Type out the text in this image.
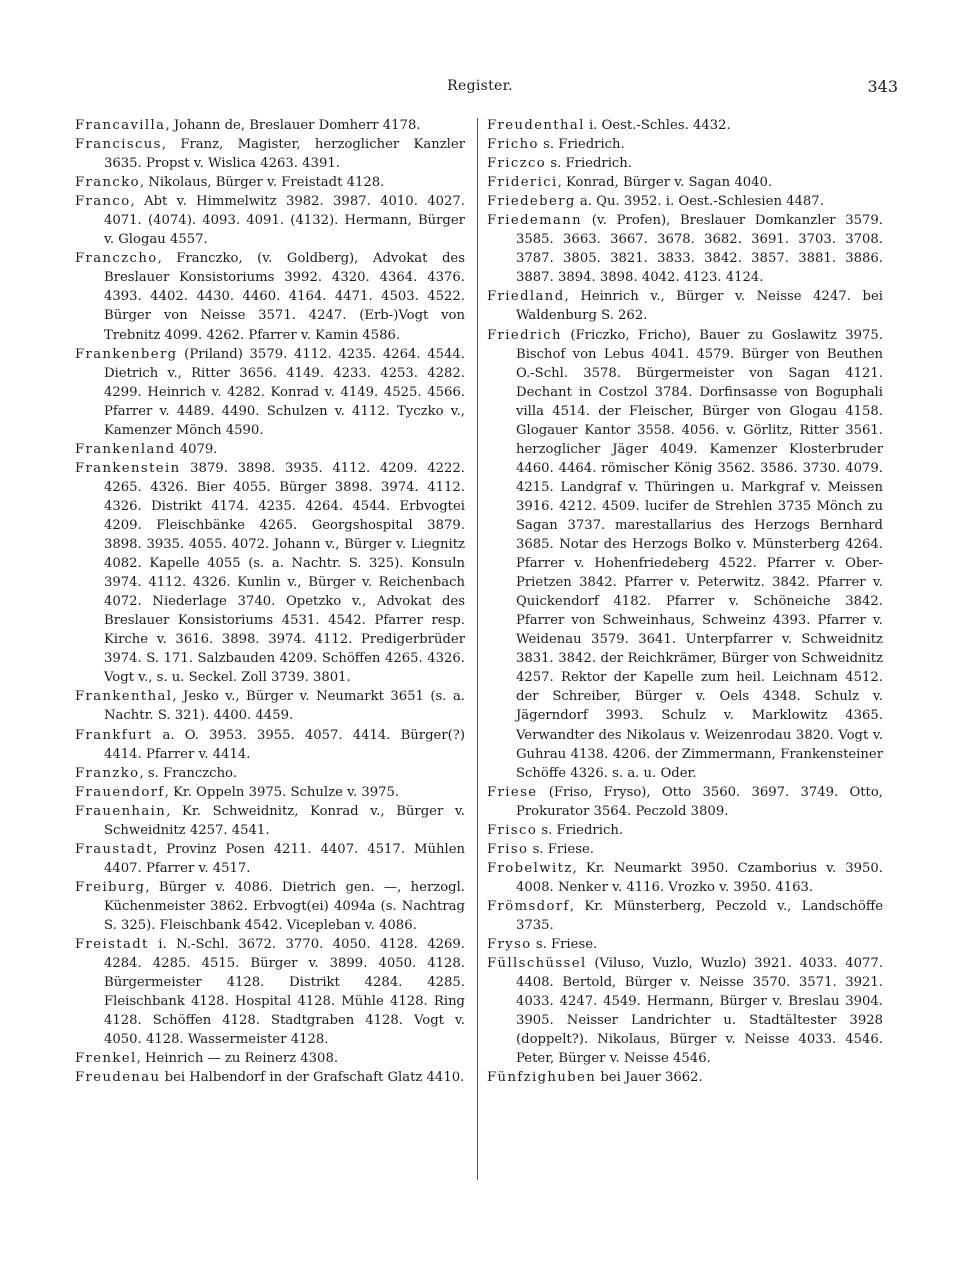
Register.	343

Francavilla, Johann de, Breslauer Domherr 4178.

Franciscus, Franz, Magister, herzoglicher Kanzler 3635. Propst v. Wislica 4263. 4391.

Francko, Nikolaus, Bürger v. Freistadt 4128.

Franco, Abt v. Himmelwitz 3982. 3987. 4010. 4027. 4071. (4074). 4093. 4091. (4132). Hermann, Bürger v. Glogau 4557.

Franczcho, Franczko, (v. Goldberg), Advokat des Breslauer Konsistoriums 3992. 4320. 4364. 4376. 4393. 4402. 4430. 4460. 4164. 4471. 4503. 4522. Bürger von Neisse 3571. 4247. (Erb-)Vogt von Trebnitz 4099. 4262. Pfarrer v. Kamin 4586.

Frankenberg (Priland) 3579. 4112. 4235. 4264. 4544. Dietrich v., Ritter 3656. 4149. 4233. 4253. 4282. 4299. Heinrich v. 4282. Konrad v. 4149. 4525. 4566. Pfarrer v. 4489. 4490. Schulzen v. 4112. Tyczko v., Kamenzer Mönch 4590.

Frankenland 4079.

Frankenstein 3879. 3898. 3935. 4112. 4209. 4222. 4265. 4326. Bier 4055. Bürger 3898. 3974. 4112. 4326. Distrikt 4174. 4235. 4264. 4544. Erbvogtei 4209. Fleischbänke 4265. Georgshospital 3879. 3898. 3935. 4055. 4072. Johann v., Bürger v. Liegnitz 4082. Kapelle 4055 (s. a. Nachtr. S. 325). Konsuln 3974. 4112. 4326. Kunlin v., Bürger v. Reichenbach 4072. Niederlage 3740. Opetzko v., Advokat des Breslauer Konsistoriums 4531. 4542. Pfarrer resp. Kirche v. 3616. 3898. 3974. 4112. Predigerbrüder 3974. S. 171. Salzbauden 4209. Schöffen 4265. 4326. Vogt v., s. u. Seckel. Zoll 3739. 3801.

Frankenthal, Jesko v., Bürger v. Neumarkt 3651 (s. a. Nachtr. S. 321). 4400. 4459.

Frankfurt a. O. 3953. 3955. 4057. 4414. Bürger(?) 4414. Pfarrer v. 4414.

Franzko, s. Franczcho.

Frauendorf, Kr. Oppeln 3975. Schulze v. 3975.

Frauenhain, Kr. Schweidnitz, Konrad v., Bürger v. Schweidnitz 4257. 4541.

Fraustadt, Provinz Posen 4211. 4407. 4517. Mühlen 4407. Pfarrer v. 4517.

Freiburg, Bürger v. 4086. Dietrich gen. —, herzogl. Küchenmeister 3862. Erbvogt(ei) 4094a (s. Nachtrag S. 325). Fleischbank 4542. Vicepleban v. 4086.

Freistadt i. N.-Schl. 3672. 3770. 4050. 4128. 4269. 4284. 4285. 4515. Bürger v. 3899. 4050. 4128. Bürgermeister 4128. Distrikt 4284. 4285. Fleischbank 4128. Hospital 4128. Mühle 4128. Ring 4128. Schöffen 4128. Stadtgraben 4128. Vogt v. 4050. 4128. Wassermeister 4128.

Frenkel, Heinrich — zu Reinerz 4308.

Freudenau bei Halbendorf in der Grafschaft Glatz 4410.

Freudenthal i. Oest.-Schles. 4432.

Fricho s. Friedrich.

Friczco s. Friedrich.

Friderici, Konrad, Bürger v. Sagan 4040.

Friedeberg a. Qu. 3952. i. Oest.-Schlesien 4487.

Friedemann (v. Profen), Breslauer Domkanzler 3579. 3585. 3663. 3667. 3678. 3682. 3691. 3703. 3708. 3787. 3805. 3821. 3833. 3842. 3857. 3881. 3886. 3887. 3894. 3898. 4042. 4123. 4124.

Friedland, Heinrich v., Bürger v. Neisse 4247. bei Waldenburg S. 262.

Friedrich (Friczko, Fricho), Bauer zu Goslawitz 3975. Bischof von Lebus 4041. 4579. Bürger von Beuthen O.-Schl. 3578. Bürgermeister von Sagan 4121. Dechant in Costzol 3784. Dorfinsasse von Boguphali villa 4514. der Fleischer, Bürger von Glogau 4158. Glogauer Kantor 3558. 4056. v. Görlitz, Ritter 3561. herzoglicher Jäger 4049. Kamenzer Klosterbruder 4460. 4464. römischer König 3562. 3586. 3730. 4079. 4215. Landgraf v. Thüringen u. Markgraf v. Meissen 3916. 4212. 4509. lucifer de Strehlen 3735 Mönch zu Sagan 3737. marestallarius des Herzogs Bernhard 3685. Notar des Herzogs Bolko v. Münsterberg 4264. Pfarrer v. Hohenfriedeberg 4522. Pfarrer v. Ober-Prietzen 3842. Pfarrer v. Peterwitz. 3842. Pfarrer v. Quickendorf 4182. Pfarrer v. Schöneiche 3842. Pfarrer von Schweinhaus, Schweinz 4393. Pfarrer v. Weidenau 3579. 3641. Unterpfarrer v. Schweidnitz 3831. 3842. der Reichkrämer, Bürger von Schweidnitz 4257. Rektor der Kapelle zum heil. Leichnam 4512. der Schreiber, Bürger v. Oels 4348. Schulz v. Jägerndorf 3993. Schulz v. Marklowitz 4365. Verwandter des Nikolaus v. Weizenrodau 3820. Vogt v. Guhrau 4138. 4206. der Zimmermann, Frankensteiner Schöffe 4326. s. a. u. Oder.

Friese (Friso, Fryso), Otto 3560. 3697. 3749. Otto, Prokurator 3564. Peczold 3809.

Frisco s. Friedrich.

Friso s. Friese.

Frobelwitz, Kr. Neumarkt 3950. Czamborius v. 3950. 4008. Nenker v. 4116. Vrozko v. 3950. 4163.

Frömsdorf, Kr. Münsterberg, Peczold v., Landschöffe 3735.

Fryso s. Friese.

Füllschüssel (Viluso, Vuzlo, Wuzlo) 3921. 4033. 4077. 4408. Bertold, Bürger v. Neisse 3570. 3571. 3921. 4033. 4247. 4549. Hermann, Bürger v. Breslau 3904. 3905. Neisser Landrichter u. Stadtältester 3928 (doppelt?). Nikolaus, Bürger v. Neisse 4033. 4546. Peter, Bürger v. Neisse 4546.

Fünfzighuben bei Jauer 3662.
